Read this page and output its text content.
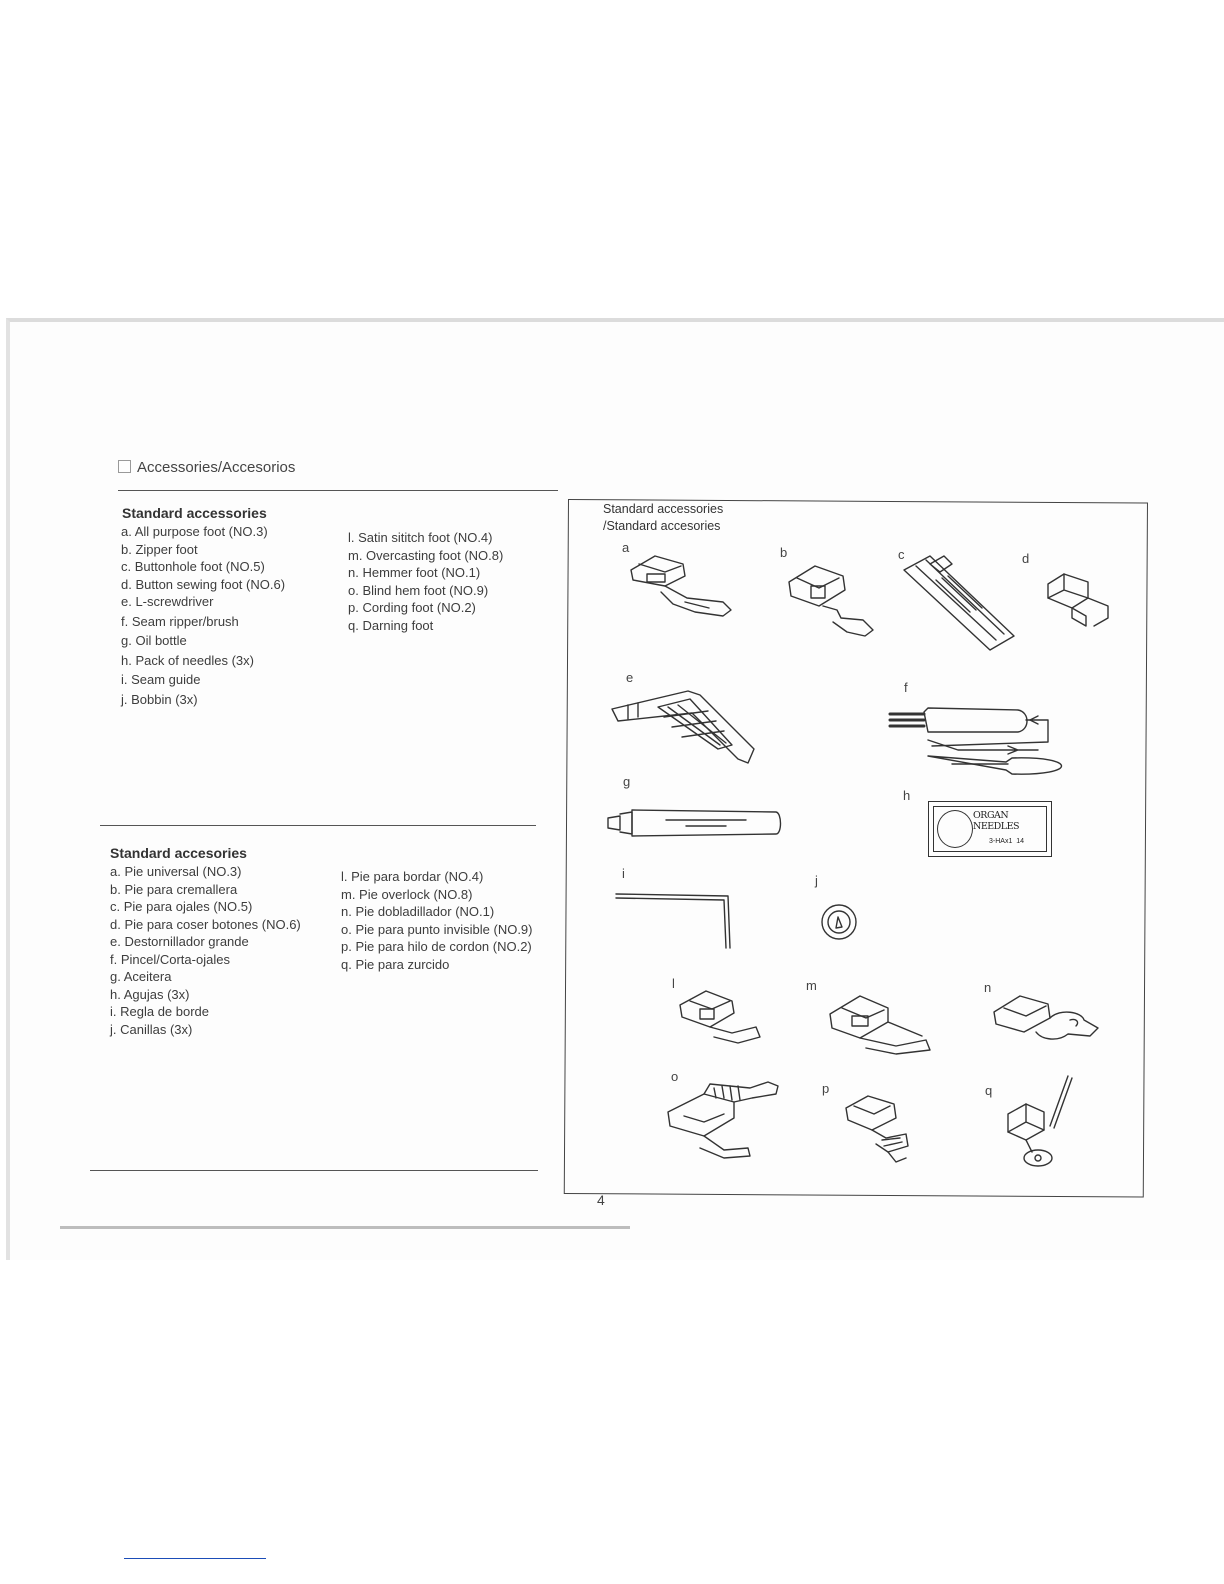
Accessories/Accesorios
Standard accessories
a. All purpose foot (NO.3)
b. Zipper foot
c. Buttonhole foot (NO.5)
d. Button sewing foot (NO.6)
e. L-screwdriver
f. Seam ripper/brush
g. Oil bottle
h. Pack of needles (3x)
i. Seam guide
j. Bobbin (3x)
l. Satin sititch foot (NO.4)
m. Overcasting foot (NO.8)
n. Hemmer foot (NO.1)
o. Blind hem foot (NO.9)
p. Cording foot (NO.2)
q. Darning foot
Standard accesories
a. Pie universal (NO.3)
b. Pie para cremallera
c. Pie para ojales (NO.5)
d. Pie para coser botones (NO.6)
e. Destornillador grande
f. Pincel/Corta-ojales
g. Aceitera
h. Agujas (3x)
i. Regla de borde
j. Canillas (3x)
l. Pie para bordar (NO.4)
m. Pie overlock (NO.8)
n. Pie dobladillador (NO.1)
o. Pie para punto invisible (NO.9)
p. Pie para hilo de cordon (NO.2)
q. Pie para zurcido
Standard accessories
/Standard accesories
a	b	c	d
e
f
g
h
i	j
l	m	n
o
p	q
ORGAN NEEDLES
3-HAx1  14
4
